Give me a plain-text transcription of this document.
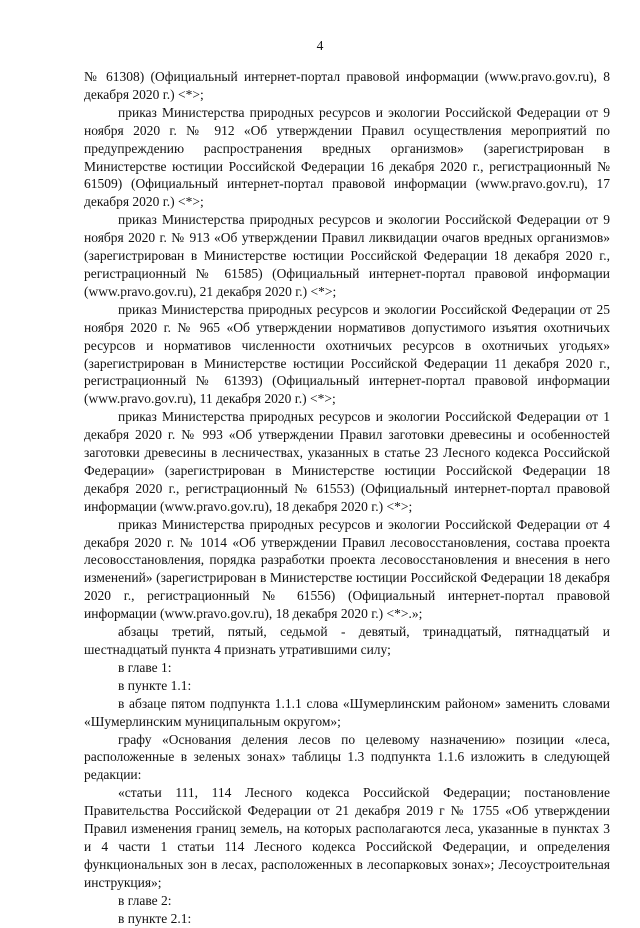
4

№ 61308) (Официальный интернет-портал правовой информации (www.pravo.gov.ru), 8 декабря 2020 г.) <*>;

приказ Министерства природных ресурсов и экологии Российской Федерации от 9 ноября 2020 г. № 912 «Об утверждении Правил осуществления мероприятий по предупреждению распространения вредных организмов» (зарегистрирован в Министерстве юстиции Российской Федерации 16 декабря 2020 г., регистрационный № 61509) (Официальный интернет-портал правовой информации (www.pravo.gov.ru), 17 декабря 2020 г.) <*>;

приказ Министерства природных ресурсов и экологии Российской Федерации от 9 ноября 2020 г. № 913 «Об утверждении Правил ликвидации очагов вредных организмов» (зарегистрирован в Министерстве юстиции Российской Федерации 18 декабря 2020 г., регистрационный № 61585) (Официальный интернет-портал правовой информации (www.pravo.gov.ru), 21 декабря 2020 г.) <*>;

приказ Министерства природных ресурсов и экологии Российской Федерации от 25 ноября 2020 г. № 965 «Об утверждении нормативов допустимого изъятия охотничьих ресурсов и нормативов численности охотничьих ресурсов в охотничьих угодьях» (зарегистрирован в Министерстве юстиции Российской Федерации 11 декабря 2020 г., регистрационный № 61393) (Официальный интернет-портал правовой информации (www.pravo.gov.ru), 11 декабря 2020 г.) <*>;

приказ Министерства природных ресурсов и экологии Российской Федерации от 1 декабря 2020 г. № 993 «Об утверждении Правил заготовки древесины и особенностей заготовки древесины в лесничествах, указанных в статье 23 Лесного кодекса Российской Федерации» (зарегистрирован в Министерстве юстиции Российской Федерации 18 декабря 2020 г., регистрационный № 61553) (Официальный интернет-портал правовой информации (www.pravo.gov.ru), 18 декабря 2020 г.) <*>;

приказ Министерства природных ресурсов и экологии Российской Федерации от 4 декабря 2020 г. № 1014 «Об утверждении Правил лесовосстановления, состава проекта лесовосстановления, порядка разработки проекта лесовосстановления и внесения в него изменений» (зарегистрирован в Министерстве юстиции Российской Федерации 18 декабря 2020 г., регистрационный № 61556) (Официальный интернет-портал правовой информации (www.pravo.gov.ru), 18 декабря 2020 г.) <*>.»;

абзацы третий, пятый, седьмой - девятый, тринадцатый, пятнадцатый и шестнадцатый пункта 4 признать утратившими силу;

в главе 1:

в пункте 1.1:

в абзаце пятом подпункта 1.1.1 слова «Шумерлинским районом» заменить словами «Шумерлинским муниципальным округом»;

графу «Основания деления лесов по целевому назначению» позиции «леса, расположенные в зеленых зонах» таблицы 1.3 подпункта 1.1.6 изложить в следующей редакции:

«статьи 111, 114 Лесного кодекса Российской Федерации; постановление Правительства Российской Федерации от 21 декабря 2019 г № 1755 «Об утверждении Правил изменения границ земель, на которых располагаются леса, указанные в пунктах 3 и 4 части 1 статьи 114 Лесного кодекса Российской Федерации, и определения функциональных зон в лесах, расположенных в лесопарковых зонах»; Лесоустроительная инструкция»;

в главе 2:

в пункте 2.1:
